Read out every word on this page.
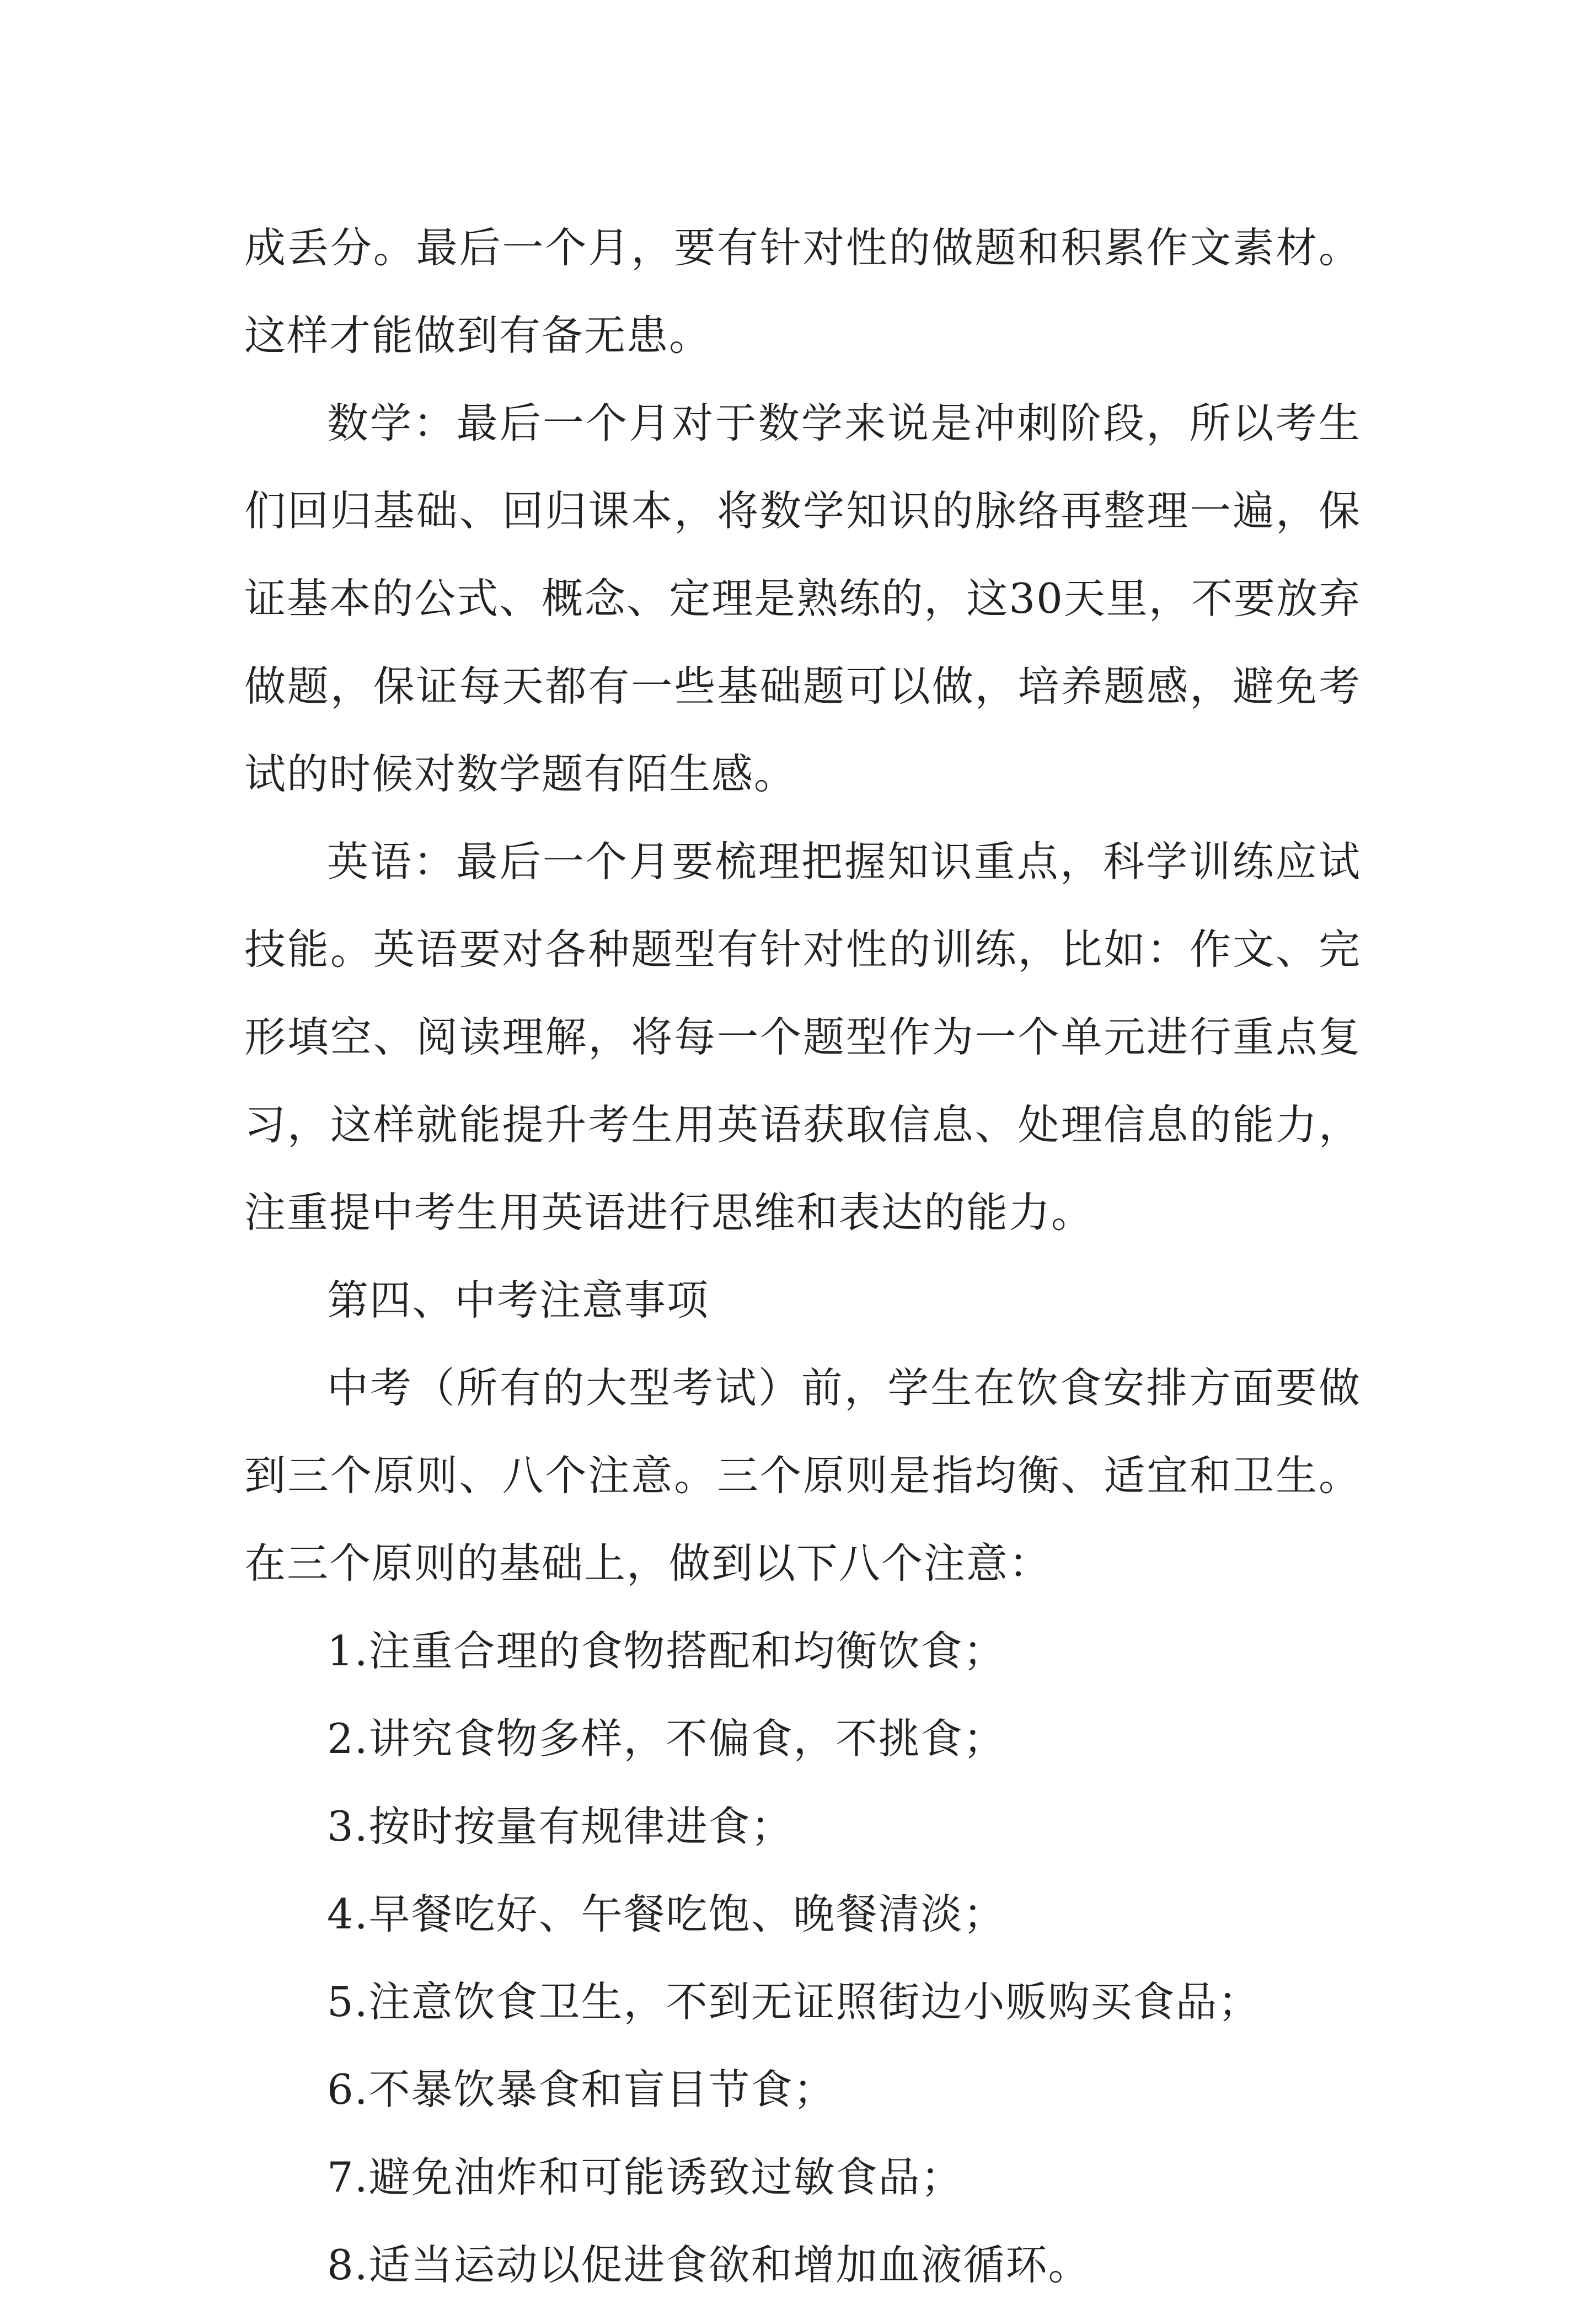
成丢分。最后一个月，要有针对性的做题和积累作文素材。这样才能做到有备无患。

数学：最后一个月对于数学来说是冲刺阶段，所以考生们回归基础、回归课本，将数学知识的脉络再整理一遍，保证基本的公式、概念、定理是熟练的，这30天里，不要放弃做题，保证每天都有一些基础题可以做，培养题感，避免考试的时候对数学题有陌生感。

英语：最后一个月要梳理把握知识重点，科学训练应试技能。英语要对各种题型有针对性的训练，比如：作文、完形填空、阅读理解，将每一个题型作为一个单元进行重点复习，这样就能提升考生用英语获取信息、处理信息的能力，注重提中考生用英语进行思维和表达的能力。

第四、中考注意事项

中考（所有的大型考试）前，学生在饮食安排方面要做到三个原则、八个注意。三个原则是指均衡、适宜和卫生。在三个原则的基础上，做到以下八个注意：

1.注重合理的食物搭配和均衡饮食；

2.讲究食物多样，不偏食，不挑食；

3.按时按量有规律进食；

4.早餐吃好、午餐吃饱、晚餐清淡；

5.注意饮食卫生，不到无证照街边小贩购买食品；

6.不暴饮暴食和盲目节食；

7.避免油炸和可能诱致过敏食品；

8.适当运动以促进食欲和增加血液循环。
